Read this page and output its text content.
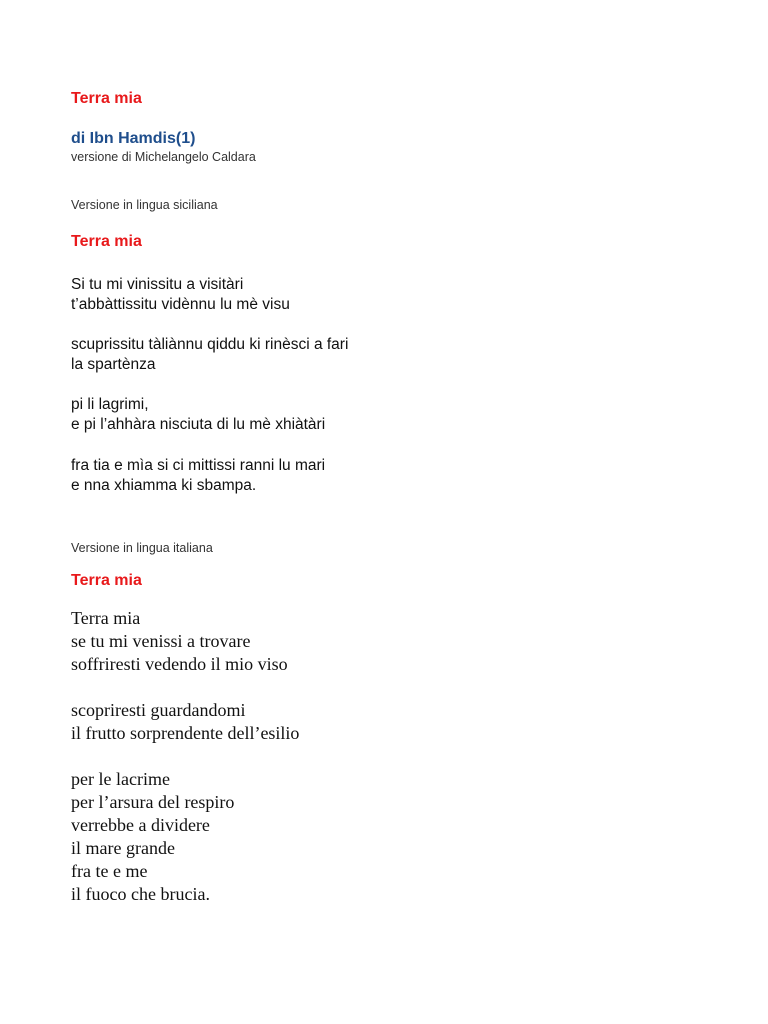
Terra mia
di Ibn Hamdis(1)
versione di Michelangelo Caldara
Versione in lingua siciliana
Terra mia
Si tu mi vinissitu a visitàri
t’abbàttissitu vidènnu lu mè visu
scuprissitu tàliànnu qiddu ki rinèsci a fari
la spartènza
pi li lagrimi,
e pi l’ahhàra nisciuta di lu mè xhiàtàri
fra tia e mìa si ci mittissi ranni lu mari
e nna xhiamma ki sbampa.
Versione in lingua italiana
Terra mia
Terra mia
se tu mi venissi a trovare
soffriresti vedendo il mio viso
scopriresti guardandomi
il frutto sorprendente dell’esilio
per le lacrime
per l’arsura del respiro
verrebbe a dividere
il mare grande
fra te e me
il fuoco che brucia.
